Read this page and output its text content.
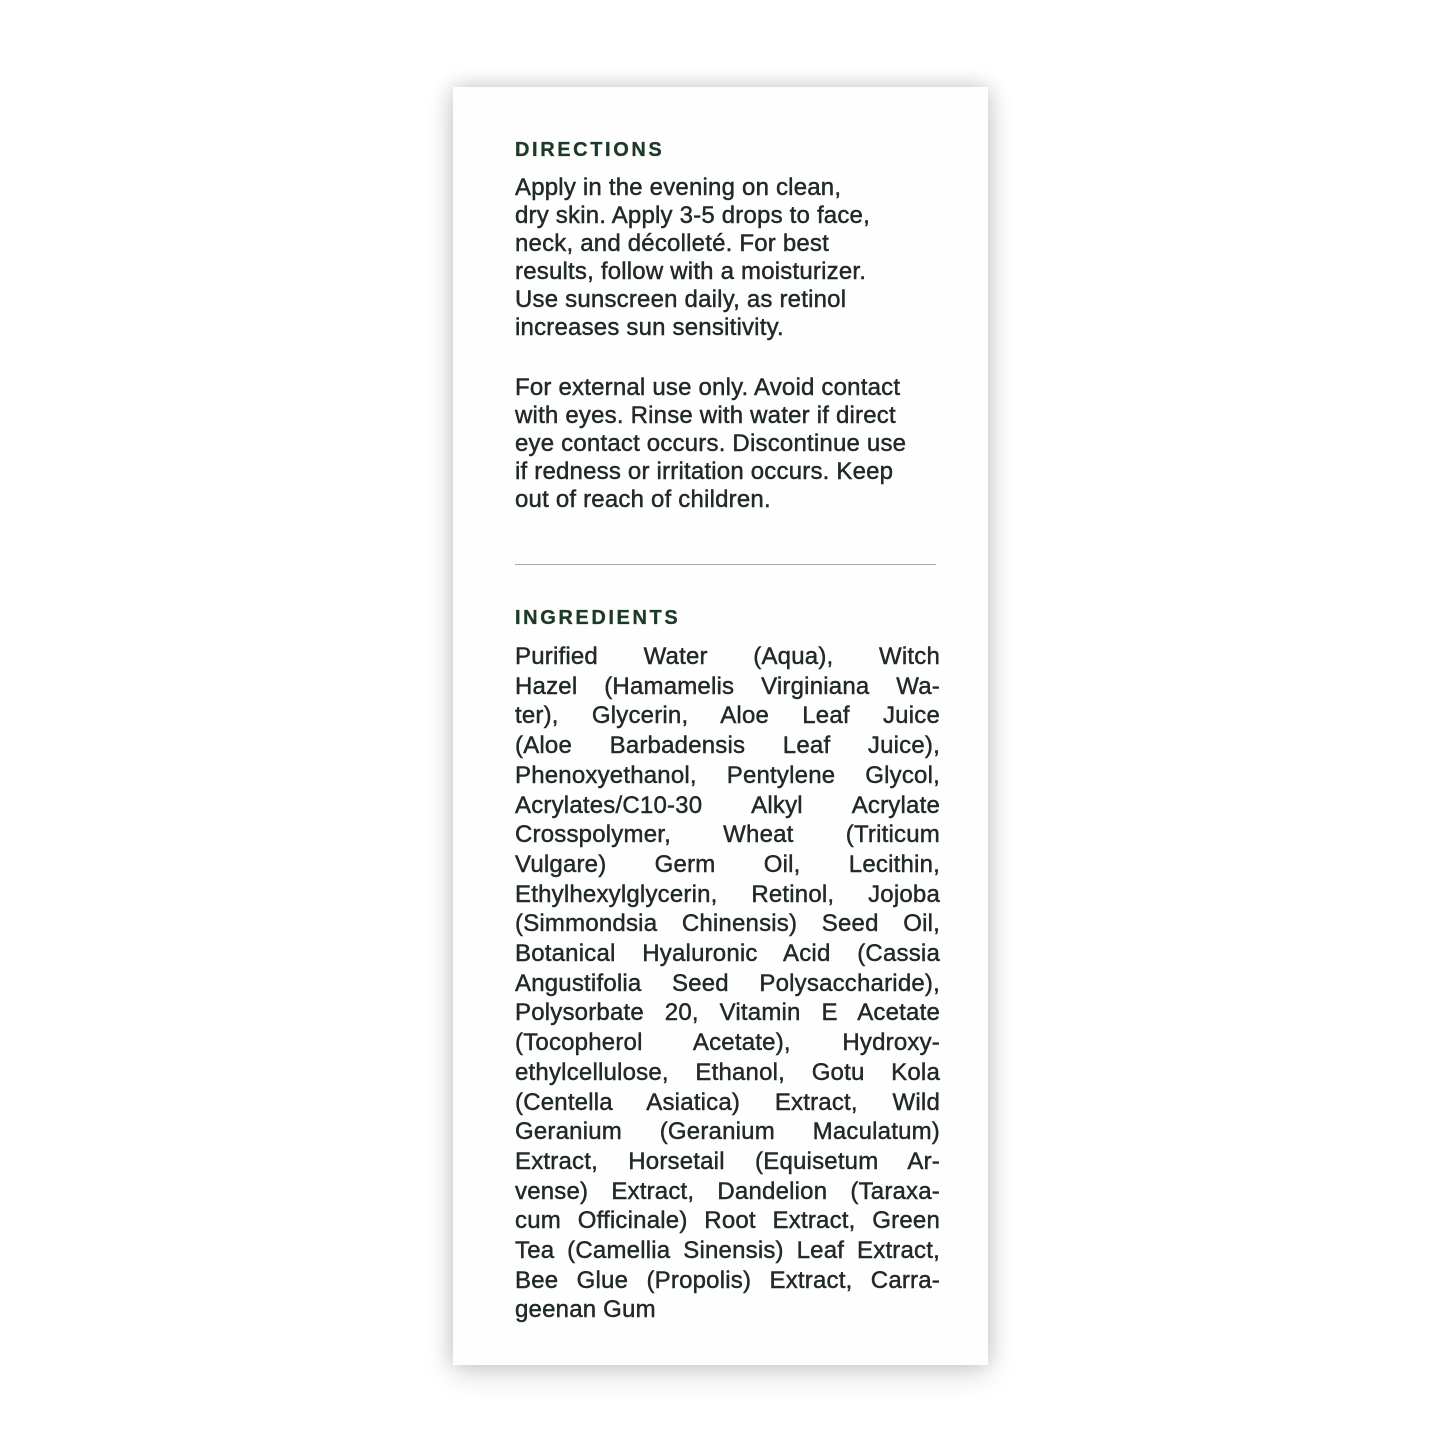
DIRECTIONS
Apply in the evening on clean,
dry skin. Apply 3-5 drops to face,
neck, and décolleté. For best
results, follow with a moisturizer.
Use sunscreen daily, as retinol
increases sun sensitivity.
For external use only. Avoid contact
with eyes. Rinse with water if direct
eye contact occurs. Discontinue use
if redness or irritation occurs. Keep
out of reach of children.
INGREDIENTS
Purified Water (Aqua), Witch
Hazel (Hamamelis Virginiana Wa-
ter), Glycerin, Aloe Leaf Juice
(Aloe Barbadensis Leaf Juice),
Phenoxyethanol, Pentylene Glycol,
Acrylates/C10-30 Alkyl Acrylate
Crosspolymer, Wheat (Triticum
Vulgare) Germ Oil, Lecithin,
Ethylhexylglycerin, Retinol, Jojoba
(Simmondsia Chinensis) Seed Oil,
Botanical Hyaluronic Acid (Cassia
Angustifolia Seed Polysaccharide),
Polysorbate 20, Vitamin E Acetate
(Tocopherol Acetate), Hydroxy-
ethylcellulose, Ethanol, Gotu Kola
(Centella Asiatica) Extract, Wild
Geranium (Geranium Maculatum)
Extract, Horsetail (Equisetum Ar-
vense) Extract, Dandelion (Taraxa-
cum Officinale) Root Extract, Green
Tea (Camellia Sinensis) Leaf Extract,
Bee Glue (Propolis) Extract, Carra-
geenan Gum
